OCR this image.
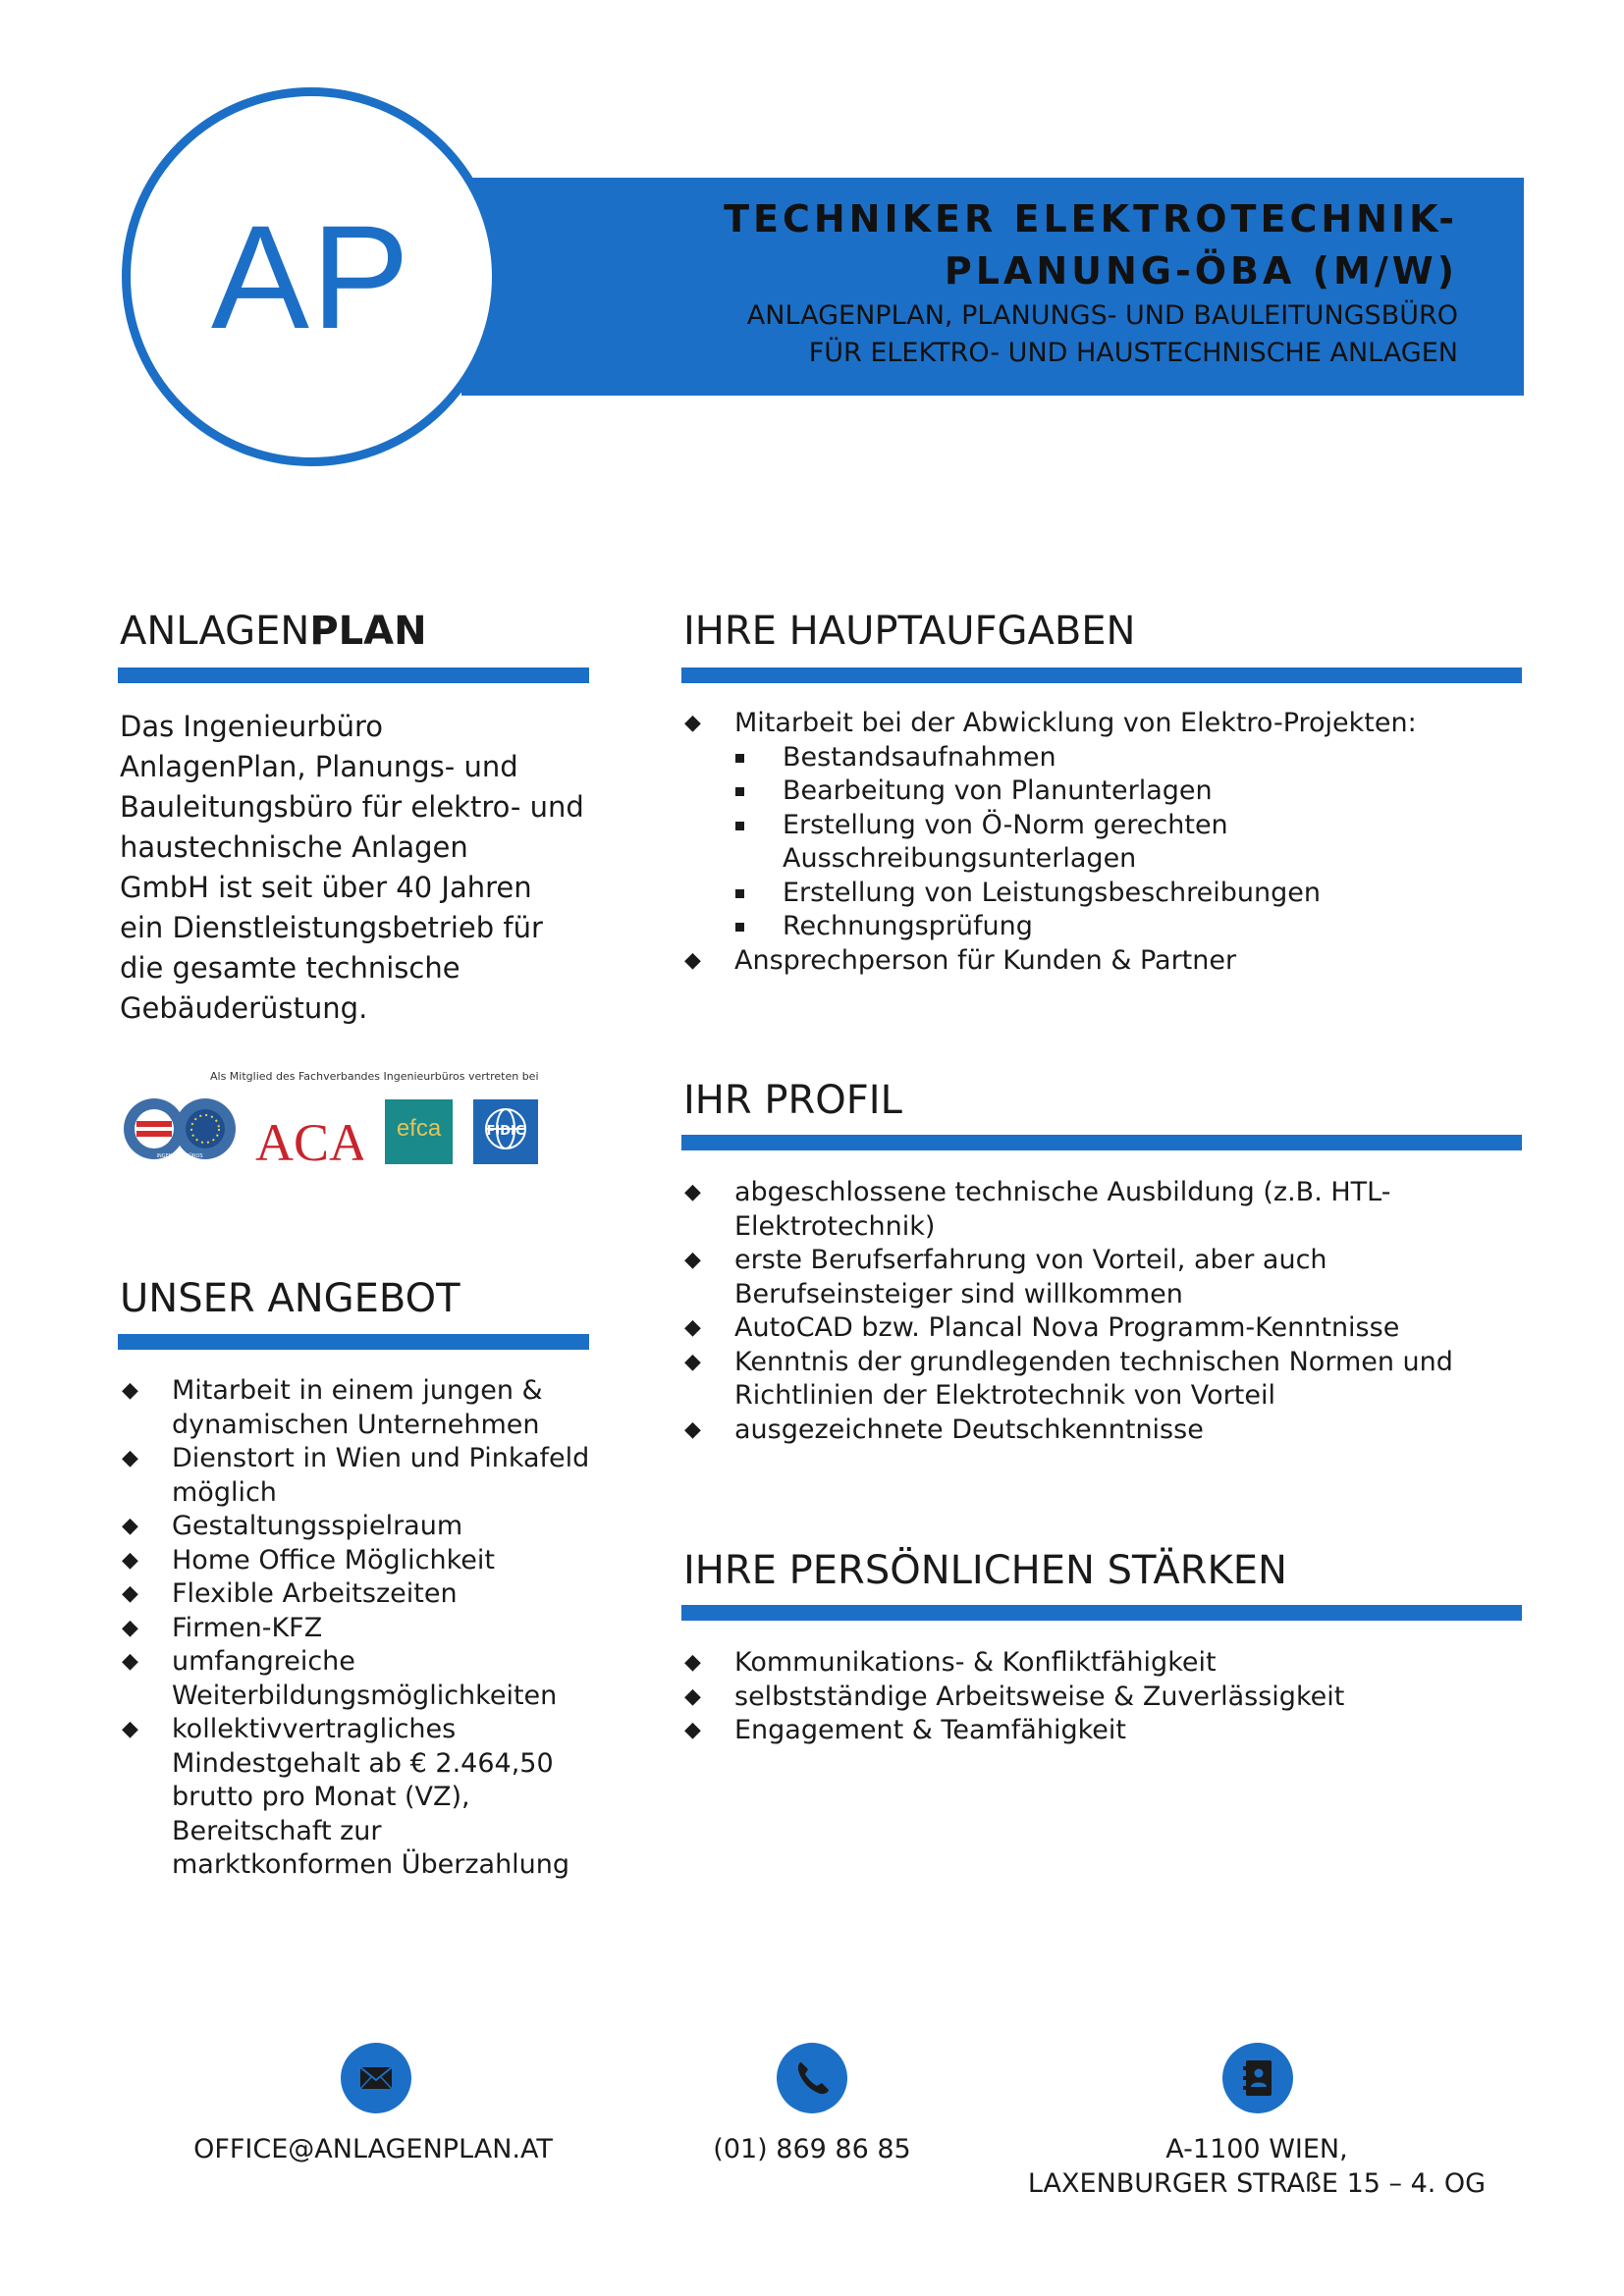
AP	TECHNIKER ELEKTROTECHNIK-
PLANUNG-ÖBA (M/W)
ANLAGENPLAN, PLANUNGS- UND BAULEITUNGSBÜRO
FÜR ELEKTRO- UND HAUSTECHNISCHE ANLAGEN
ANLAGENPLAN
Das Ingenieurbüro
AnlagenPlan, Planungs- und
Bauleitungsbüro für elektro- und
haustechnische Anlagen
GmbH ist seit über 40 Jahren
ein Dienstleistungsbetrieb für
die gesamte technische
Gebäuderüstung.
Als Mitglied des Fachverbandes Ingenieurbüros vertreten bei
INGENIEUR BÜROS ACA	efca	FIDIC
UNSER ANGEBOT
◆ Mitarbeit in einem jungen &
dynamischen Unternehmen
◆ Dienstort in Wien und Pinkafeld
möglich
◆ Gestaltungsspielraum
◆ Home Office Möglichkeit
◆ Flexible Arbeitszeiten
◆ Firmen-KFZ
◆ umfangreiche
Weiterbildungsmöglichkeiten
◆ kollektivvertragliches
Mindestgehalt ab € 2.464,50
brutto pro Monat (VZ),
Bereitschaft zur
marktkonformen Überzahlung
IHRE HAUPTAUFGABEN
◆ Mitarbeit bei der Abwicklung von Elektro-Projekten:
Bestandsaufnahmen
Bearbeitung von Planunterlagen
Erstellung von Ö-Norm gerechten
Ausschreibungsunterlagen
Erstellung von Leistungsbeschreibungen
Rechnungsprüfung
◆ Ansprechperson für Kunden & Partner
IHR PROFIL
◆ abgeschlossene technische Ausbildung (z.B. HTL-
Elektrotechnik)
◆ erste Berufserfahrung von Vorteil, aber auch
Berufseinsteiger sind willkommen
◆ AutoCAD bzw. Plancal Nova Programm-Kenntnisse
◆ Kenntnis der grundlegenden technischen Normen und
Richtlinien der Elektrotechnik von Vorteil
◆ ausgezeichnete Deutschkenntnisse
IHRE PERSÖNLICHEN STÄRKEN
◆ Kommunikations- & Konfliktfähigkeit
◆ selbstständige Arbeitsweise & Zuverlässigkeit
◆ Engagement & Teamfähigkeit
OFFICE@ANLAGENPLAN.AT	(01) 869 86 85	A-1100 WIEN,
LAXENBURGER STRAßE 15 – 4. OG
